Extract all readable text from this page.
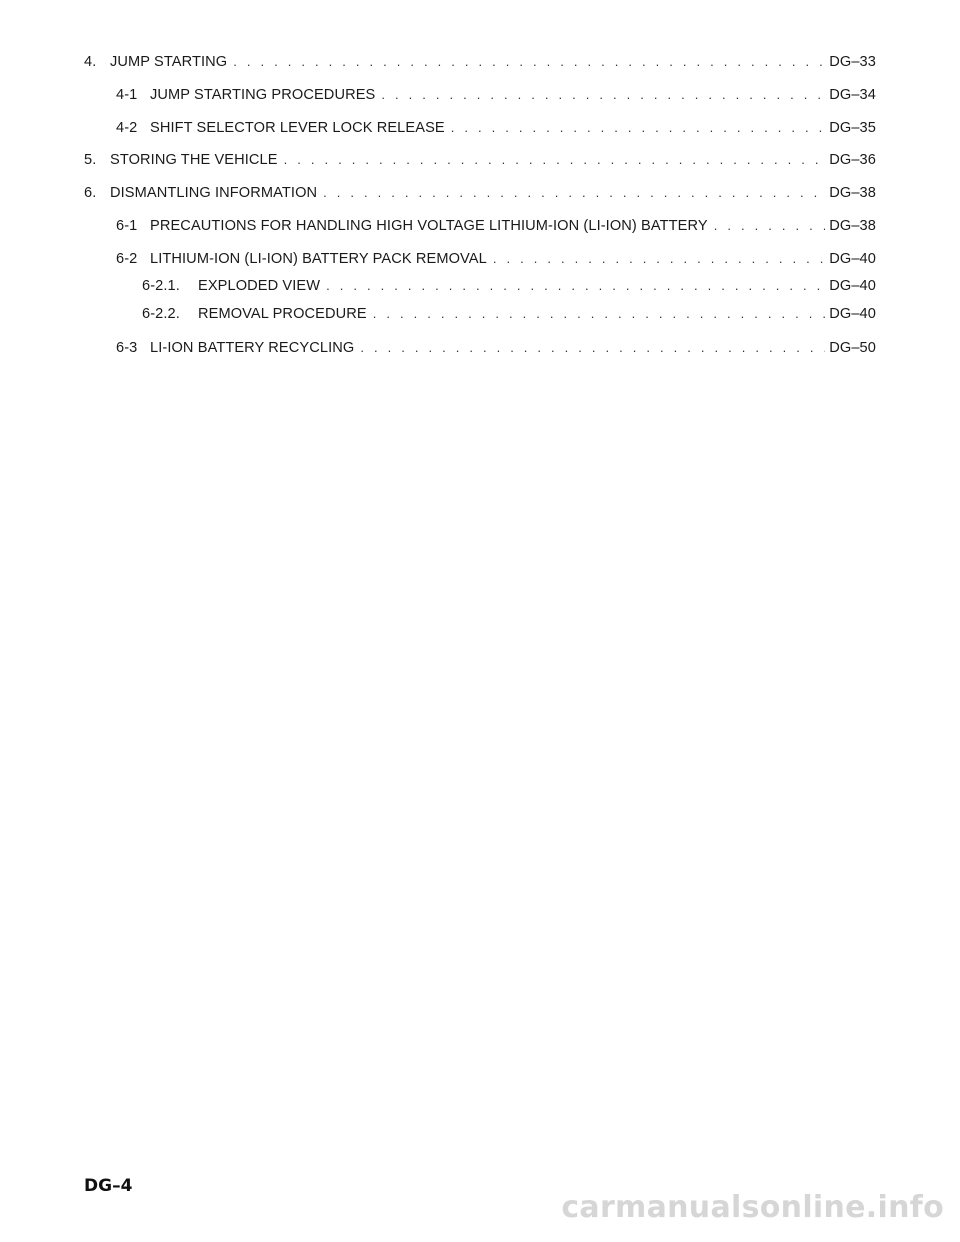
4. JUMP STARTING . . .	DG–33
4-1 JUMP STARTING PROCEDURES . . .	DG–34
4-2 SHIFT SELECTOR LEVER LOCK RELEASE . . .	DG–35
5. STORING THE VEHICLE . . .	DG–36
6. DISMANTLING INFORMATION . . .	DG–38
6-1 PRECAUTIONS FOR HANDLING HIGH VOLTAGE LITHIUM-ION (LI-ION) BATTERY . . .	DG–38
6-2 LITHIUM-ION (LI-ION) BATTERY PACK REMOVAL . . .	DG–40
6-2.1.	EXPLODED VIEW . . .	DG–40
6-2.2.	REMOVAL PROCEDURE . . .	DG–40
6-3 LI-ION BATTERY RECYCLING . . .	DG–50
DG–4
carmanualsonline.info
